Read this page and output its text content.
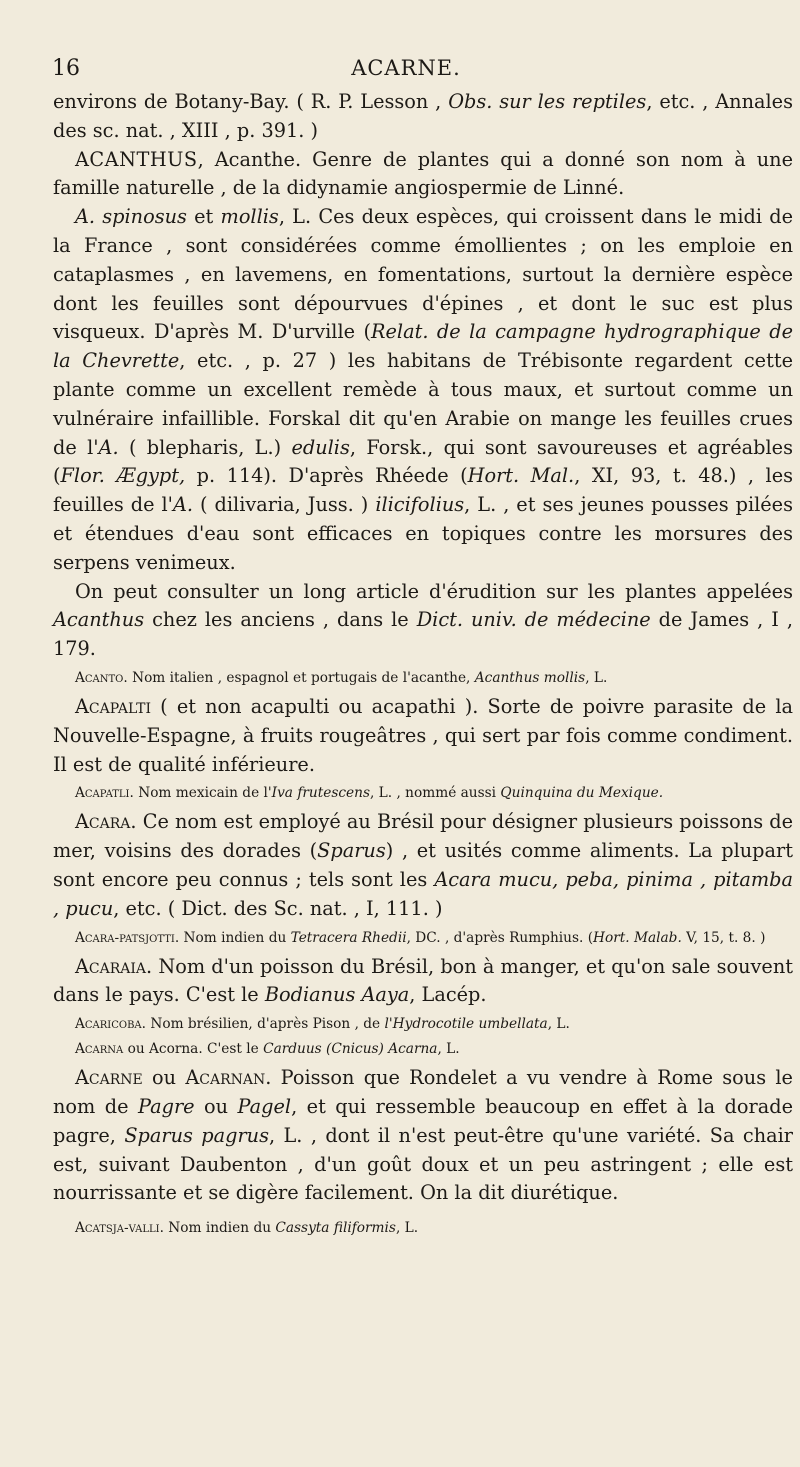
16	ACARNE.

environs de Botany-Bay. ( R. P. Lesson , Obs. sur les reptiles, etc. , Annales des sc. nat. , XIII , p. 391. )

ACANTHUS, Acanthe. Genre de plantes qui a donné son nom à une famille naturelle , de la didynamie angiospermie de Linné.

A. spinosus et mollis, L. Ces deux espèces, qui croissent dans le midi de la France , sont considérées comme émollientes ; on les emploie en cataplasmes , en lavemens, en fomentations, surtout la dernière espèce dont les feuilles sont dépourvues d'épines , et dont le suc est plus visqueux. D'après M. D'urville (Relat. de la campagne hydrographique de la Chevrette, etc. , p. 27 ) les habitans de Trébisonte regardent cette plante comme un excellent remède à tous maux, et surtout comme un vulnéraire infaillible. Forskal dit qu'en Arabie on mange les feuilles crues de l'A. ( blepharis, L.) edulis, Forsk., qui sont savoureuses et agréables (Flor. Ægypt, p. 114). D'après Rhéede (Hort. Mal., XI, 93, t. 48.) , les feuilles de l'A. ( dilivaria, Juss. ) ilicifolius, L. , et ses jeunes pousses pilées et étendues d'eau sont efficaces en topiques contre les morsures des serpens venimeux.

On peut consulter un long article d'érudition sur les plantes appelées Acanthus chez les anciens , dans le Dict. univ. de médecine de James , I , 179.

Acanto. Nom italien , espagnol et portugais de l'acanthe, Acanthus mollis, L.

Acapalti ( et non acapulti ou acapathi ). Sorte de poivre parasite de la Nouvelle-Espagne, à fruits rougeâtres , qui sert par fois comme condiment. Il est de qualité inférieure.

Acapatli. Nom mexicain de l'Iva frutescens, L. , nommé aussi Quinquina du Mexique.

Acara. Ce nom est employé au Brésil pour désigner plusieurs poissons de mer, voisins des dorades (Sparus) , et usités comme aliments. La plupart sont encore peu connus ; tels sont les Acara mucu, peba, pinima , pitamba , pucu, etc. ( Dict. des Sc. nat. , I, 111. )

Acara-patsjotti. Nom indien du Tetracera Rhedii, DC. , d'après Rumphius. (Hort. Malab. V, 15, t. 8. )

Acaraia. Nom d'un poisson du Brésil, bon à manger, et qu'on sale souvent dans le pays. C'est le Bodianus Aaya, Lacép.

Acaricoba. Nom brésilien, d'après Pison , de l'Hydrocotile umbellata, L.

Acarna ou Acorna. C'est le Carduus (Cnicus) Acarna, L.

Acarne ou Acarnan. Poisson que Rondelet a vu vendre à Rome sous le nom de Pagre ou Pagel, et qui ressemble beaucoup en effet à la dorade pagre, Sparus pagrus, L. , dont il n'est peut-être qu'une variété. Sa chair est, suivant Daubenton , d'un goût doux et un peu astringent ; elle est nourrissante et se digère facilement. On la dit diurétique.

Acatsja-valli. Nom indien du Cassyta filiformis, L.
